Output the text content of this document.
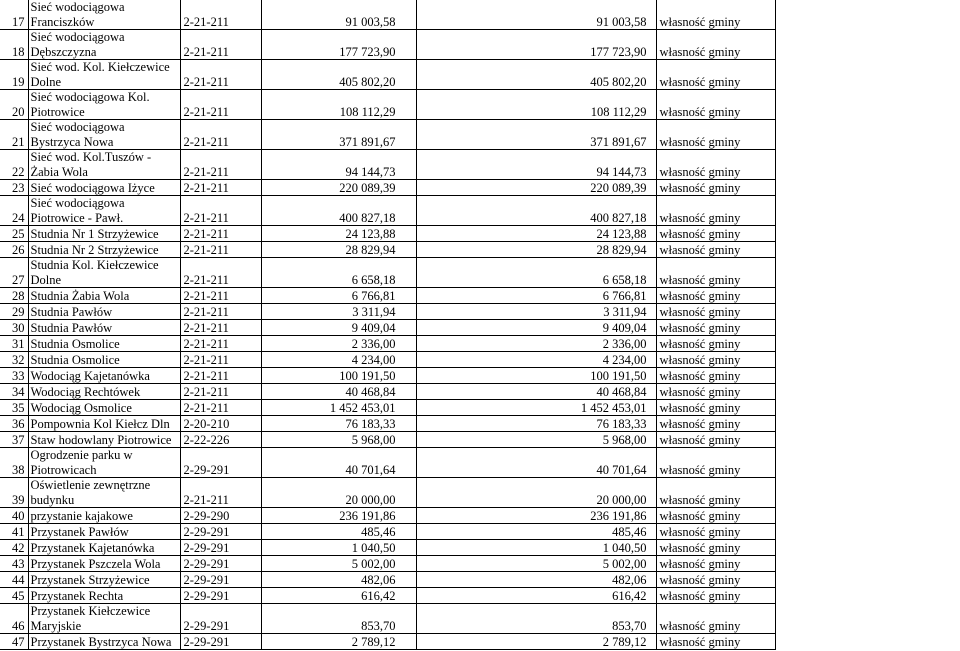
17	Sieć wodociągowa Franciszków	2-21-211	91 003,58		91 003,58	własność gminy	
18	Sieć wodociągowa Dębszczyzna	2-21-211	177 723,90		177 723,90	własność gminy	
19	Sieć wod. Kol. Kiełczewice Dolne	2-21-211	405 802,20		405 802,20	własność gminy	
20	Sieć wodociągowa Kol. Piotrowice	2-21-211	108 112,29		108 112,29	własność gminy	
21	Sieć wodociągowa Bystrzyca Nowa	2-21-211	371 891,67		371 891,67	własność gminy	
22	Sieć wod. Kol.Tuszów - Żabia Wola	2-21-211	94 144,73		94 144,73	własność gminy	
23	Sieć wodociągowa Iżyce	2-21-211	220 089,39		220 089,39	własność gminy	
24	Sieć wodociągowa Piotrowice - Pawł.	2-21-211	400 827,18		400 827,18	własność gminy	
25	Studnia Nr 1 Strzyżewice	2-21-211	24 123,88		24 123,88	własność gminy	
26	Studnia Nr 2 Strzyżewice	2-21-211	28 829,94		28 829,94	własność gminy	
27	Studnia Kol. Kiełczewice Dolne	2-21-211	6 658,18		6 658,18	własność gminy	
28	Studnia Żabia Wola	2-21-211	6 766,81		6 766,81	własność gminy	
29	Studnia Pawłów	2-21-211	3 311,94		3 311,94	własność gminy	
30	Studnia Pawłów	2-21-211	9 409,04		9 409,04	własność gminy	
31	Studnia Osmolice	2-21-211	2 336,00		2 336,00	własność gminy	
32	Studnia Osmolice	2-21-211	4 234,00		4 234,00	własność gminy	
33	Wodociąg Kajetanówka	2-21-211	100 191,50		100 191,50	własność gminy	
34	Wodociąg Rechtówek	2-21-211	40 468,84		40 468,84	własność gminy	
35	Wodociąg Osmolice	2-21-211	1 452 453,01		1 452 453,01	własność gminy	
36	Pompownia Kol Kiełcz Dln	2-20-210	76 183,33		76 183,33	własność gminy	
37	Staw hodowlany Piotrowice	2-22-226	5 968,00		5 968,00	własność gminy	
38	Ogrodzenie parku w Piotrowicach	2-29-291	40 701,64		40 701,64	własność gminy	
39	Oświetlenie zewnętrzne budynku	2-21-211	20 000,00		20 000,00	własność gminy	
40	przystanie kajakowe	2-29-290	236 191,86		236 191,86	własność gminy	
41	Przystanek Pawłów	2-29-291	485,46		485,46	własność gminy	
42	Przystanek Kajetanówka	2-29-291	1 040,50		1 040,50	własność gminy	
43	Przystanek Pszczela Wola	2-29-291	5 002,00		5 002,00	własność gminy	
44	Przystanek Strzyżewice	2-29-291	482,06		482,06	własność gminy	
45	Przystanek Rechta	2-29-291	616,42		616,42	własność gminy	
46	Przystanek Kiełczewice Maryjskie	2-29-291	853,70		853,70	własność gminy	
47	Przystanek Bystrzyca Nowa	2-29-291	2 789,12		2 789,12	własność gminy	
